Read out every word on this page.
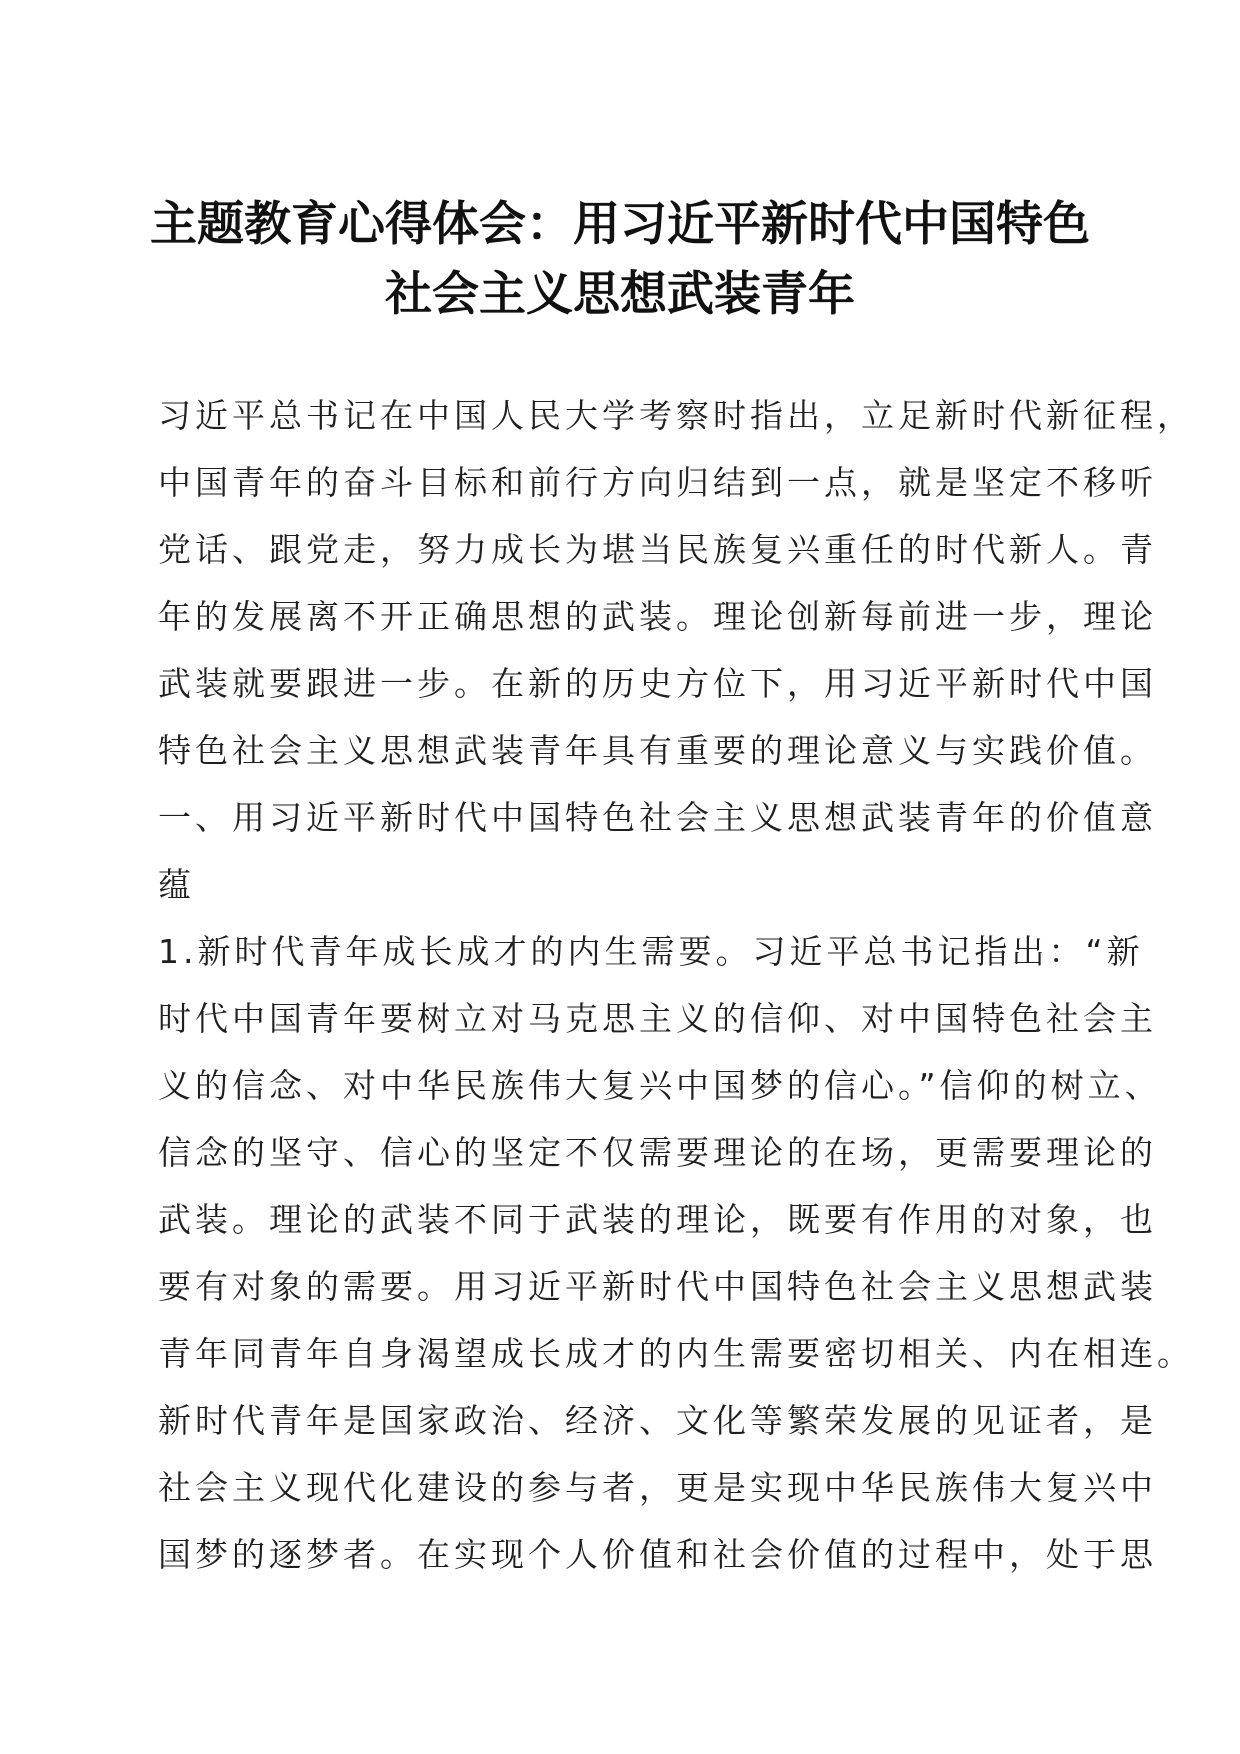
主题教育心得体会：用习近平新时代中国特色
社会主义思想武装青年
习近平总书记在中国人民大学考察时指出，立足新时代新征程，
中国青年的奋斗目标和前行方向归结到一点，就是坚定不移听
党话、跟党走，努力成长为堪当民族复兴重任的时代新人。青
年的发展离不开正确思想的武装。理论创新每前进一步，理论
武装就要跟进一步。在新的历史方位下，用习近平新时代中国
特色社会主义思想武装青年具有重要的理论意义与实践价值。
一、用习近平新时代中国特色社会主义思想武装青年的价值意
蕴
1.新时代青年成长成才的内生需要。习近平总书记指出：“新
时代中国青年要树立对马克思主义的信仰、对中国特色社会主
义的信念、对中华民族伟大复兴中国梦的信心。”信仰的树立、
信念的坚守、信心的坚定不仅需要理论的在场，更需要理论的
武装。理论的武装不同于武装的理论，既要有作用的对象，也
要有对象的需要。用习近平新时代中国特色社会主义思想武装
青年同青年自身渴望成长成才的内生需要密切相关、内在相连。
新时代青年是国家政治、经济、文化等繁荣发展的见证者，是
社会主义现代化建设的参与者，更是实现中华民族伟大复兴中
国梦的逐梦者。在实现个人价值和社会价值的过程中，处于思
